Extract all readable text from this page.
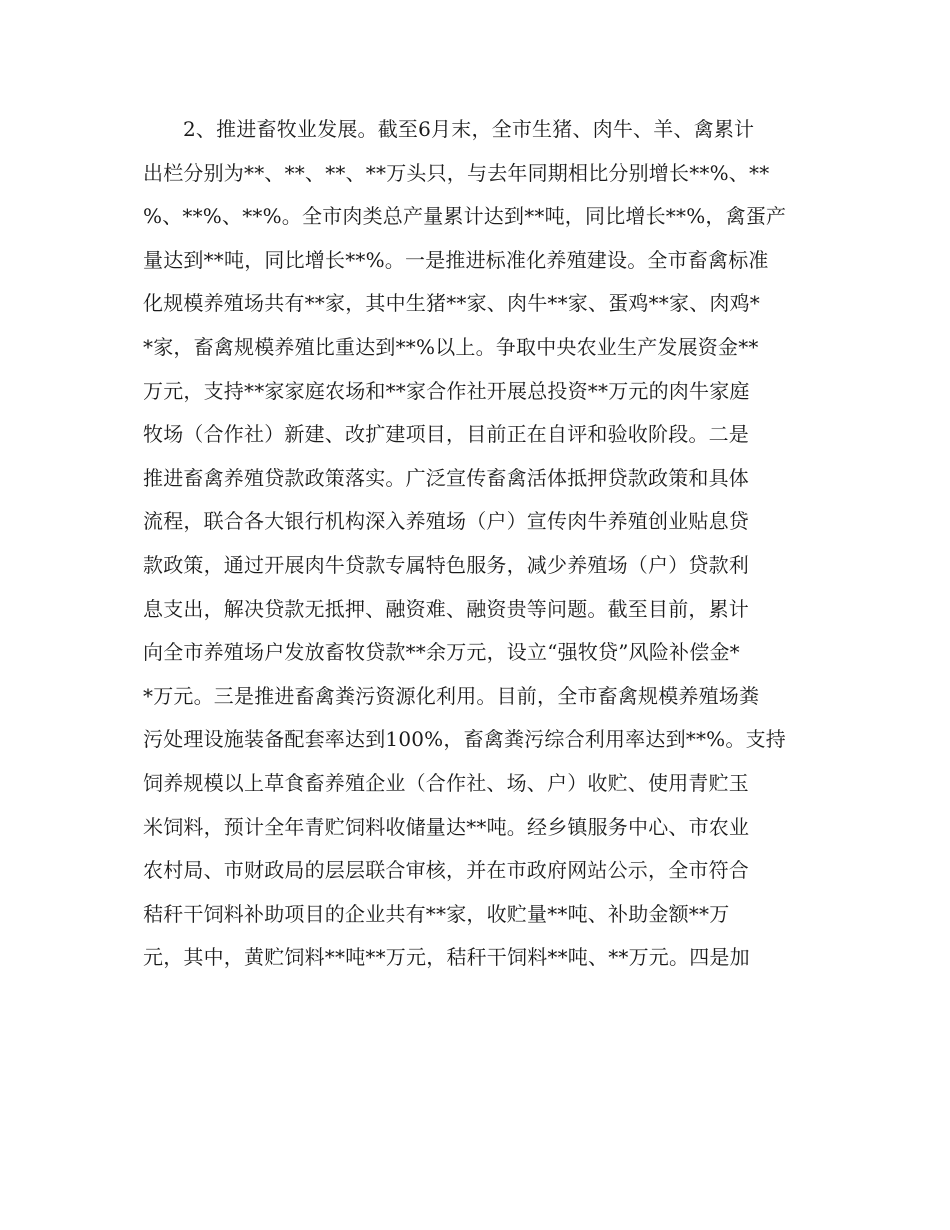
2、推进畜牧业发展。截至6月末，全市生猪、肉牛、羊、禽累计
出栏分别为**、**、**、**万头只，与去年同期相比分别增长**%、**
%、**%、**%。全市肉类总产量累计达到**吨，同比增长**%，禽蛋产
量达到**吨，同比增长**%。一是推进标准化养殖建设。全市畜禽标准
化规模养殖场共有**家，其中生猪**家、肉牛**家、蛋鸡**家、肉鸡*
*家，畜禽规模养殖比重达到**%以上。争取中央农业生产发展资金**
万元，支持**家家庭农场和**家合作社开展总投资**万元的肉牛家庭
牧场（合作社）新建、改扩建项目，目前正在自评和验收阶段。二是
推进畜禽养殖贷款政策落实。广泛宣传畜禽活体抵押贷款政策和具体
流程，联合各大银行机构深入养殖场（户）宣传肉牛养殖创业贴息贷
款政策，通过开展肉牛贷款专属特色服务，减少养殖场（户）贷款利
息支出，解决贷款无抵押、融资难、融资贵等问题。截至目前，累计
向全市养殖场户发放畜牧贷款**余万元，设立“强牧贷”风险补偿金*
*万元。三是推进畜禽粪污资源化利用。目前，全市畜禽规模养殖场粪
污处理设施装备配套率达到100%，畜禽粪污综合利用率达到**%。支持
饲养规模以上草食畜养殖企业（合作社、场、户）收贮、使用青贮玉
米饲料，预计全年青贮饲料收储量达**吨。经乡镇服务中心、市农业
农村局、市财政局的层层联合审核，并在市政府网站公示，全市符合
秸秆干饲料补助项目的企业共有**家，收贮量**吨、补助金额**万
元，其中，黄贮饲料**吨**万元，秸秆干饲料**吨、**万元。四是加
